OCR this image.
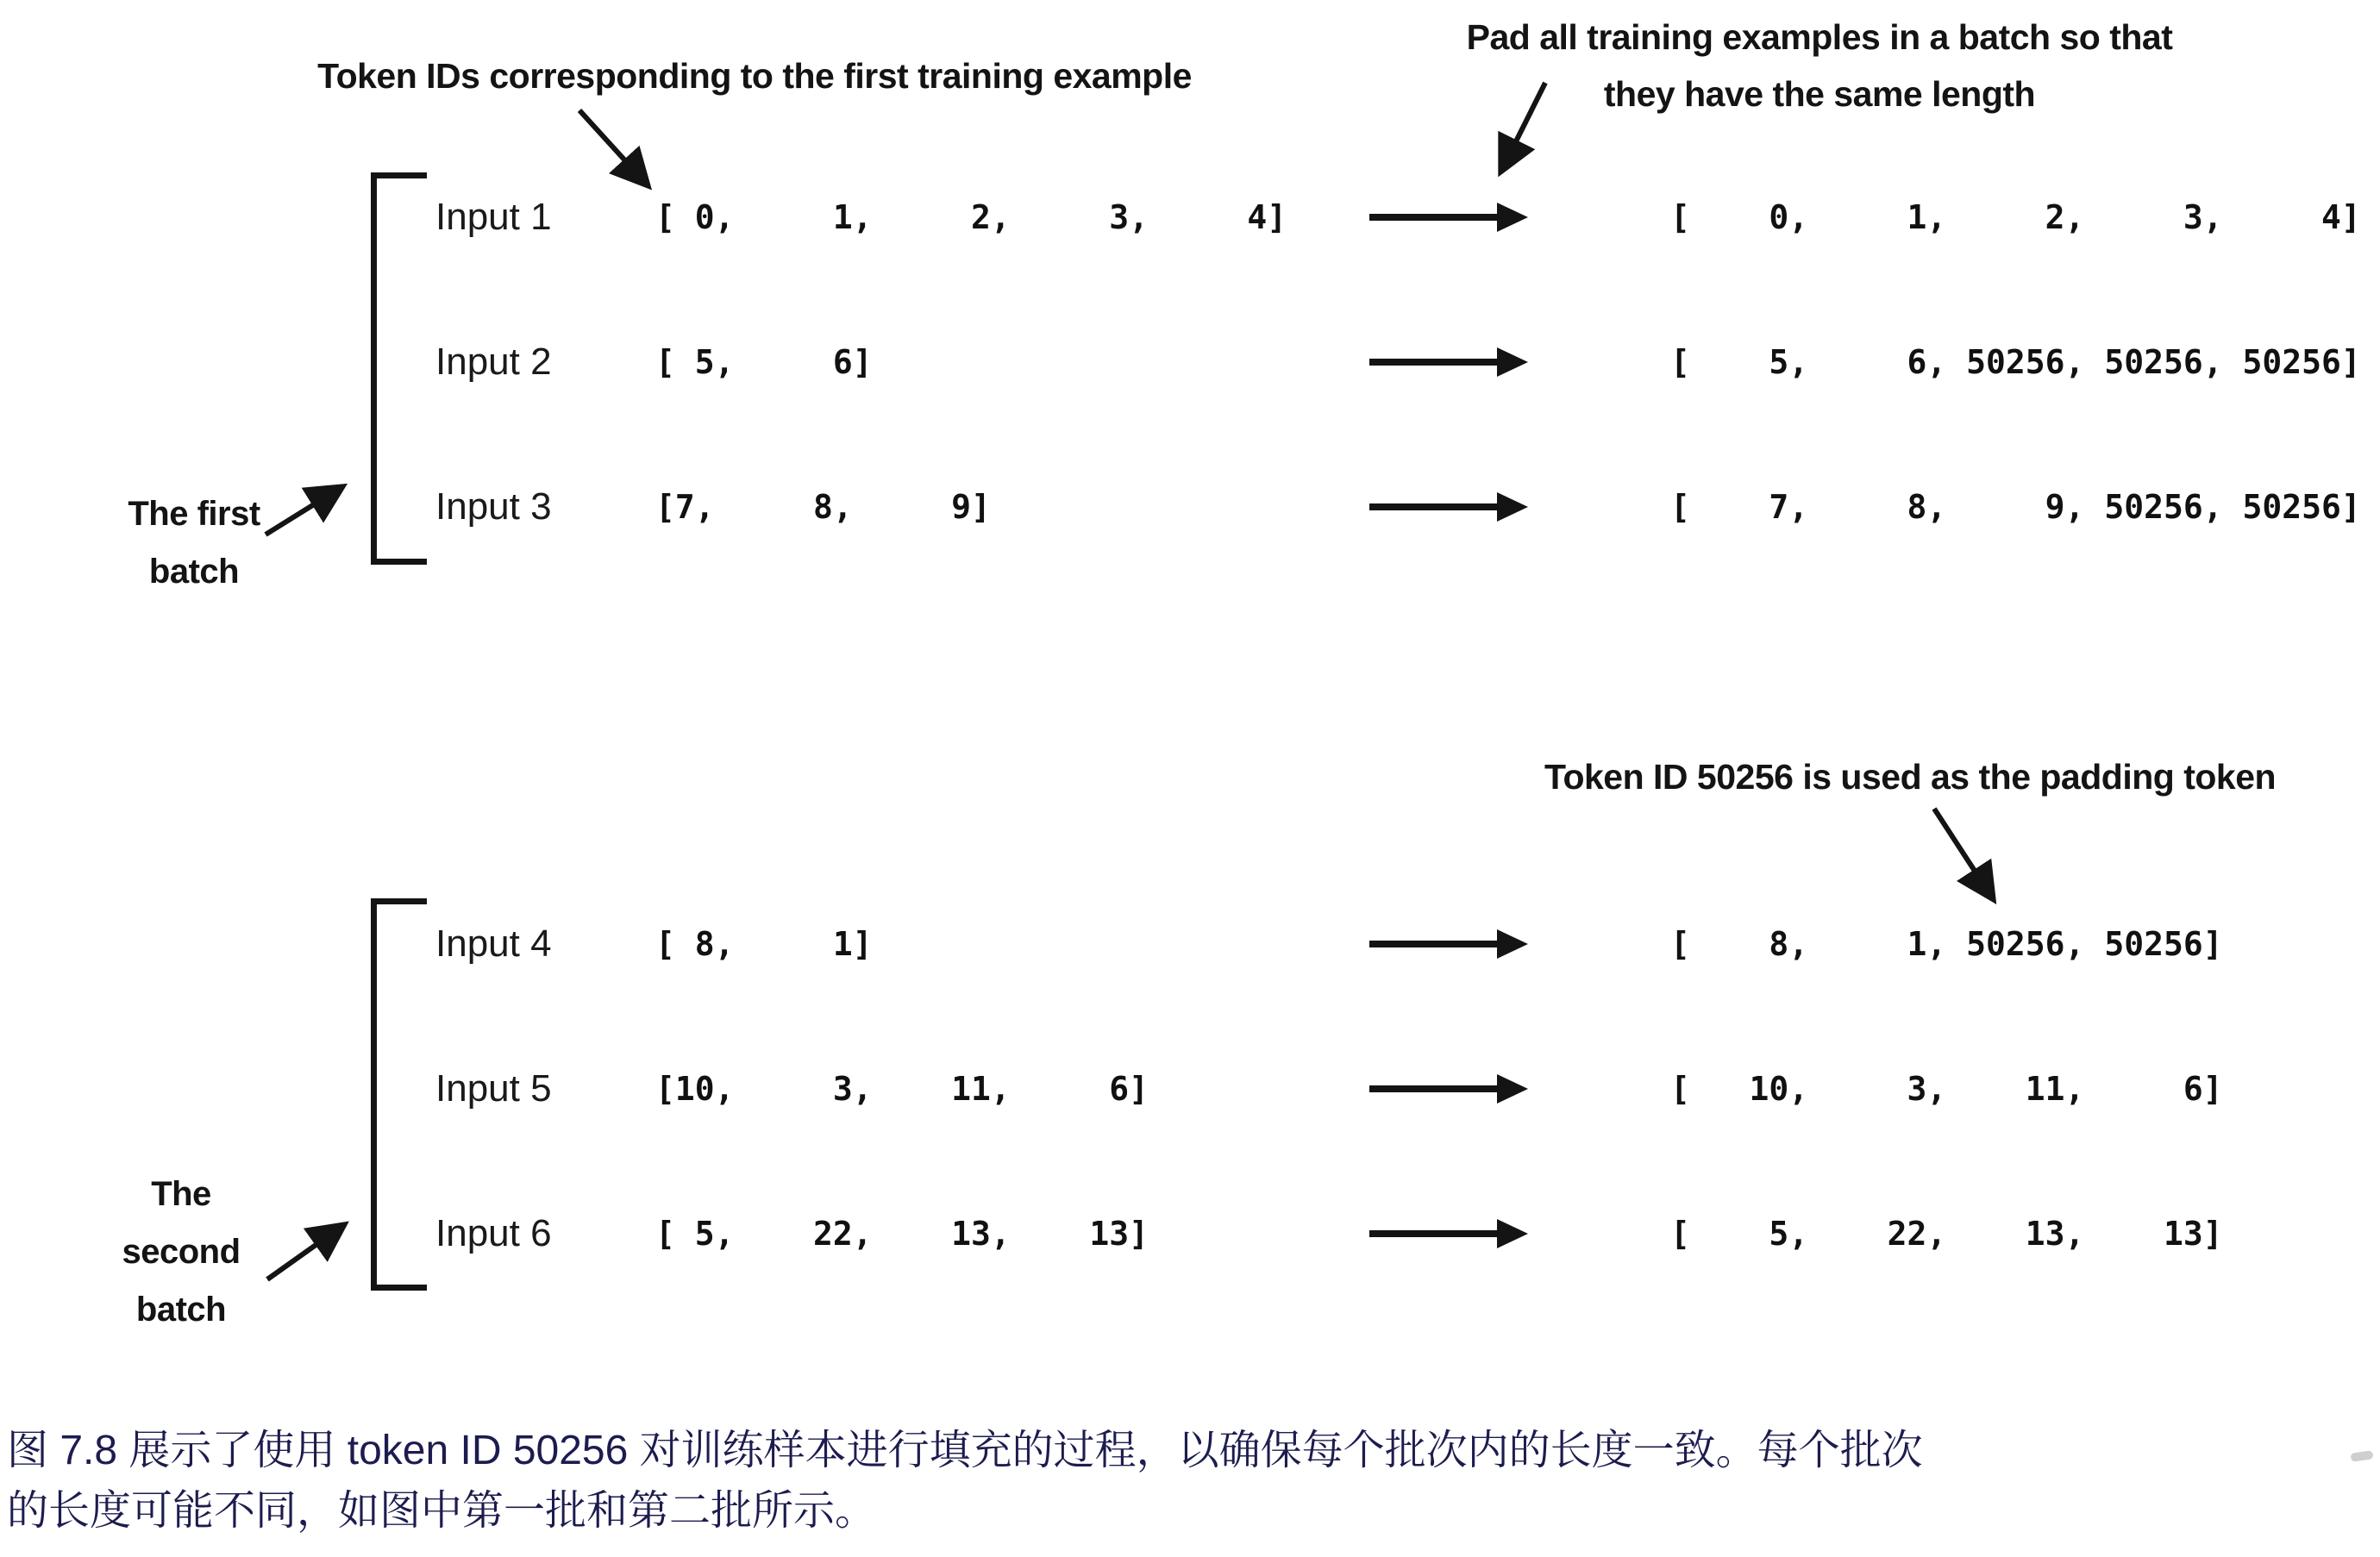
Token IDs corresponding to the first training example
Pad all training examples in a batch so that
they have the same length
Token ID 50256 is used as the padding token
The first
batch
The
second
batch
Input 1	[ 0,     1,     2,     3,     4]	[    0,     1,     2,     3,     4]
Input 2	[ 5,     6]	[    5,     6, 50256, 50256, 50256]
Input 3	[7,     8,     9]	[    7,     8,     9, 50256, 50256]
Input 4	[ 8,     1]	[    8,     1, 50256, 50256]
Input 5	[10,     3,    11,     6]	[   10,     3,    11,     6]
Input 6	[ 5,    22,    13,    13]	[    5,    22,    13,    13]
图 7.8 展示了使用 token ID 50256 对训练样本进行填充的过程，以确保每个批次内的长度一致。每个批次
的长度可能不同，如图中第一批和第二批所示。
